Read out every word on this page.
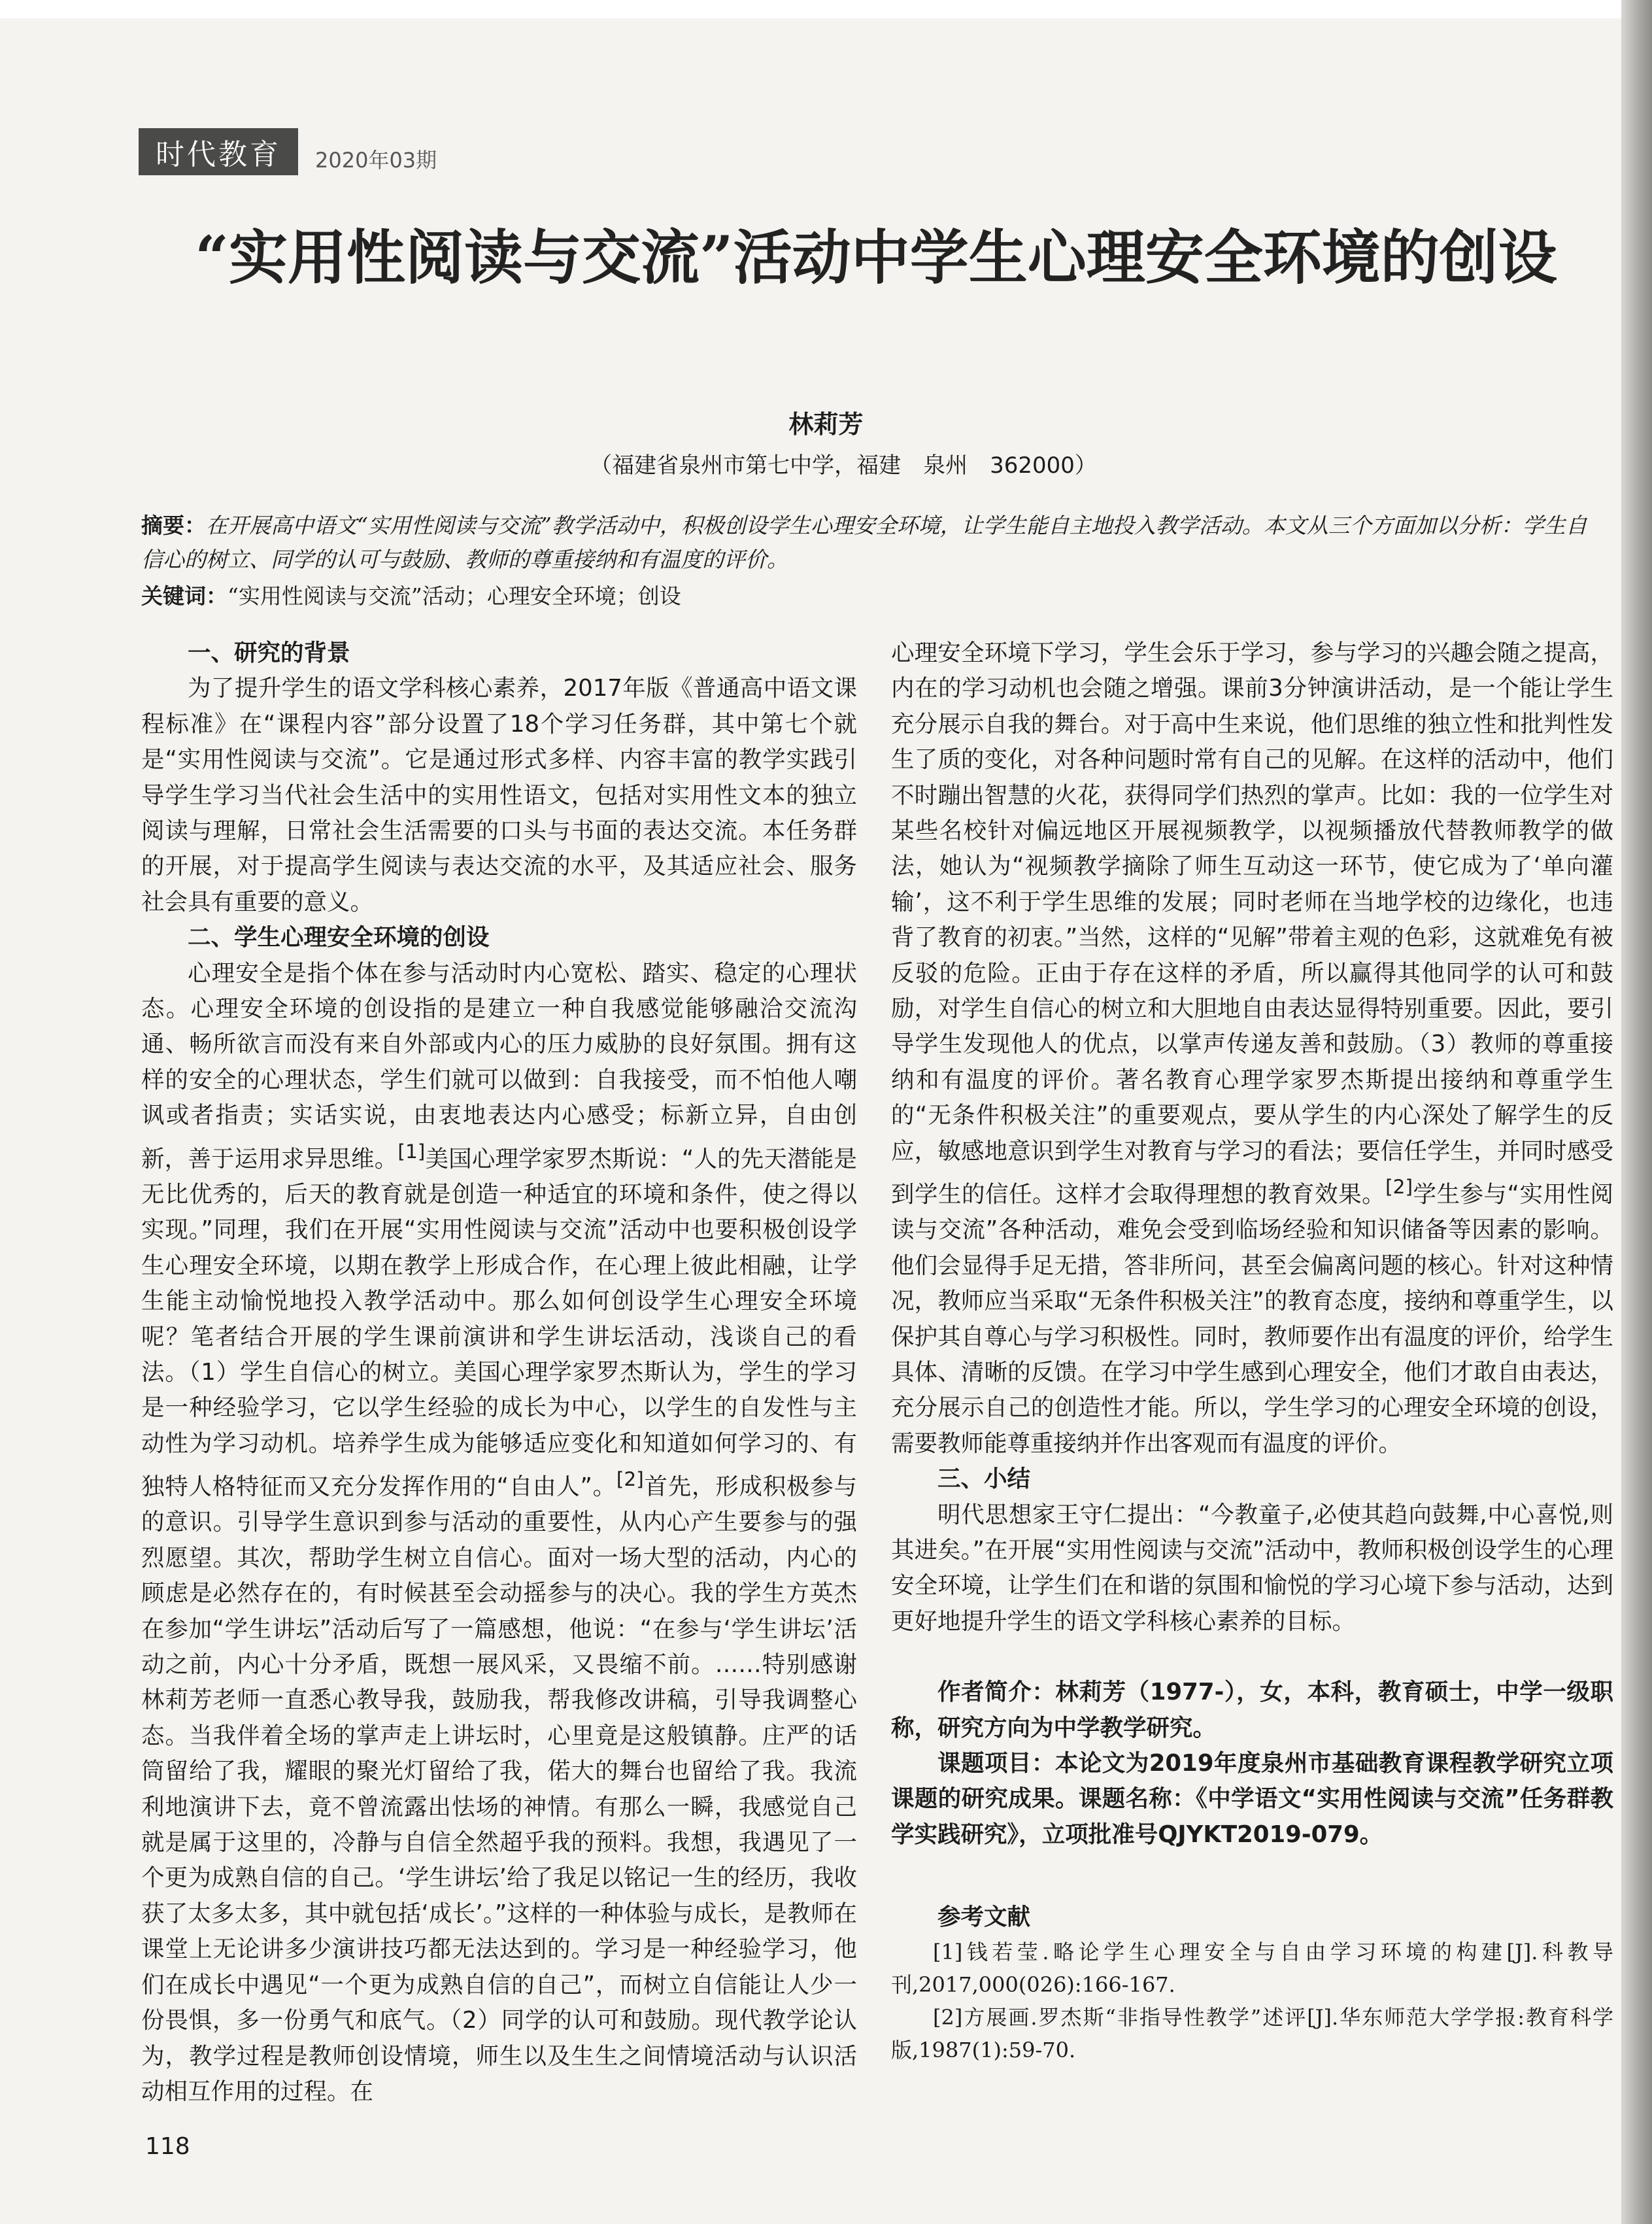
时代教育	2020年03期
“实用性阅读与交流”活动中学生心理安全环境的创设
林莉芳
（福建省泉州市第七中学，福建　泉州　362000）

摘要：在开展高中语文“实用性阅读与交流”教学活动中，积极创设学生心理安全环境，让学生能自主地投入教学活动。本文从三个方面加以分析：学生自信心的树立、同学的认可与鼓励、教师的尊重接纳和有温度的评价。

关键词：“实用性阅读与交流”活动；心理安全环境；创设

一、研究的背景

为了提升学生的语文学科核心素养，2017年版《普通高中语文课程标准》在“课程内容”部分设置了18个学习任务群，其中第七个就是“实用性阅读与交流”。它是通过形式多样、内容丰富的教学实践引导学生学习当代社会生活中的实用性语文，包括对实用性文本的独立阅读与理解，日常社会生活需要的口头与书面的表达交流。本任务群的开展，对于提高学生阅读与表达交流的水平，及其适应社会、服务社会具有重要的意义。

二、学生心理安全环境的创设

心理安全是指个体在参与活动时内心宽松、踏实、稳定的心理状态。心理安全环境的创设指的是建立一种自我感觉能够融洽交流沟通、畅所欲言而没有来自外部或内心的压力威胁的良好氛围。拥有这样的安全的心理状态，学生们就可以做到：自我接受，而不怕他人嘲讽或者指责；实话实说，由衷地表达内心感受；标新立异，自由创新，善于运用求异思维。[1]美国心理学家罗杰斯说：“人的先天潜能是无比优秀的，后天的教育就是创造一种适宜的环境和条件，使之得以实现。”同理，我们在开展“实用性阅读与交流”活动中也要积极创设学生心理安全环境，以期在教学上形成合作，在心理上彼此相融，让学生能主动愉悦地投入教学活动中。那么如何创设学生心理安全环境呢？笔者结合开展的学生课前演讲和学生讲坛活动，浅谈自己的看法。（1）学生自信心的树立。美国心理学家罗杰斯认为，学生的学习是一种经验学习，它以学生经验的成长为中心，以学生的自发性与主动性为学习动机。培养学生成为能够适应变化和知道如何学习的、有独特人格特征而又充分发挥作用的“自由人”。[2]首先，形成积极参与的意识。引导学生意识到参与活动的重要性，从内心产生要参与的强烈愿望。其次，帮助学生树立自信心。面对一场大型的活动，内心的顾虑是必然存在的，有时候甚至会动摇参与的决心。我的学生方英杰在参加“学生讲坛”活动后写了一篇感想，他说：“在参与‘学生讲坛’活动之前，内心十分矛盾，既想一展风采，又畏缩不前。……特别感谢林莉芳老师一直悉心教导我，鼓励我，帮我修改讲稿，引导我调整心态。当我伴着全场的掌声走上讲坛时，心里竟是这般镇静。庄严的话筒留给了我，耀眼的聚光灯留给了我，偌大的舞台也留给了我。我流利地演讲下去，竟不曾流露出怯场的神情。有那么一瞬，我感觉自己就是属于这里的，冷静与自信全然超乎我的预料。我想，我遇见了一个更为成熟自信的自己。‘学生讲坛’给了我足以铭记一生的经历，我收获了太多太多，其中就包括‘成长’。”这样的一种体验与成长，是教师在课堂上无论讲多少演讲技巧都无法达到的。学习是一种经验学习，他们在成长中遇见“一个更为成熟自信的自己”，而树立自信能让人少一份畏惧，多一份勇气和底气。（2）同学的认可和鼓励。现代教学论认为，教学过程是教师创设情境，师生以及生生之间情境活动与认识活动相互作用的过程。在

心理安全环境下学习，学生会乐于学习，参与学习的兴趣会随之提高，内在的学习动机也会随之增强。课前3分钟演讲活动，是一个能让学生充分展示自我的舞台。对于高中生来说，他们思维的独立性和批判性发生了质的变化，对各种问题时常有自己的见解。在这样的活动中，他们不时蹦出智慧的火花，获得同学们热烈的掌声。比如：我的一位学生对某些名校针对偏远地区开展视频教学，以视频播放代替教师教学的做法，她认为“视频教学摘除了师生互动这一环节，使它成为了‘单向灌输’，这不利于学生思维的发展；同时老师在当地学校的边缘化，也违背了教育的初衷。”当然，这样的“见解”带着主观的色彩，这就难免有被反驳的危险。正由于存在这样的矛盾，所以赢得其他同学的认可和鼓励，对学生自信心的树立和大胆地自由表达显得特别重要。因此，要引导学生发现他人的优点，以掌声传递友善和鼓励。（3）教师的尊重接纳和有温度的评价。著名教育心理学家罗杰斯提出接纳和尊重学生的“无条件积极关注”的重要观点，要从学生的内心深处了解学生的反应，敏感地意识到学生对教育与学习的看法；要信任学生，并同时感受到学生的信任。这样才会取得理想的教育效果。[2]学生参与“实用性阅读与交流”各种活动，难免会受到临场经验和知识储备等因素的影响。他们会显得手足无措，答非所问，甚至会偏离问题的核心。针对这种情况，教师应当采取“无条件积极关注”的教育态度，接纳和尊重学生，以保护其自尊心与学习积极性。同时，教师要作出有温度的评价，给学生具体、清晰的反馈。在学习中学生感到心理安全，他们才敢自由表达，充分展示自己的创造性才能。所以，学生学习的心理安全环境的创设，需要教师能尊重接纳并作出客观而有温度的评价。

三、小结

明代思想家王守仁提出：“今教童子,必使其趋向鼓舞,中心喜悦,则其进矣。”在开展“实用性阅读与交流”活动中，教师积极创设学生的心理安全环境，让学生们在和谐的氛围和愉悦的学习心境下参与活动，达到更好地提升学生的语文学科核心素养的目标。

作者简介：林莉芳（1977-），女，本科，教育硕士，中学一级职称，研究方向为中学教学研究。

课题项目：本论文为2019年度泉州市基础教育课程教学研究立项课题的研究成果。课题名称：《中学语文“实用性阅读与交流”任务群教学实践研究》，立项批准号QJYKT2019-079。

参考文献

[1]钱若莹.略论学生心理安全与自由学习环境的构建[J].科教导刊,2017,000(026):166-167.

[2]方展画.罗杰斯“非指导性教学”述评[J].华东师范大学学报:教育科学版,1987(1):59-70.

118
